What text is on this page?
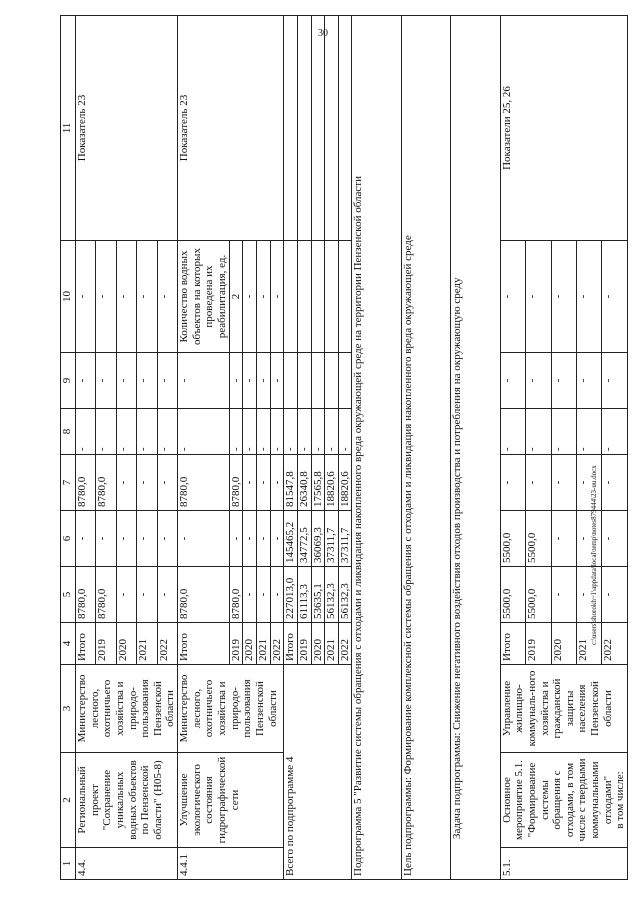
30
1	2	3	4	5	6	7	8	9	10	11
4.4.	Региональный проект "Сохранение уникальных водных объектов по Пензенской области" (Н05-8)	Министерство лесного, охотничьего хозяйства и природо-пользования Пензенской области	Итого	8780,0	-	8780,0	-	-	-	Показатель 23
			2019	8780,0	-	8780,0	-	-	-	
			2020	-	-	-	-	-	-	
			2021	-	-	-	-	-	-	
			2022	-	-	-	-	-	-	
4.4.1	Улучшение экологического состояния гидрографической сети	Министерство лесного, охотничьего хозяйства и природо-пользования Пензенской области	Итого	8780,0	-	8780,0	-	-	Количество водных объектов на которых проведена их реабилитация, ед.	Показатель 23
			2019	8780,0	-	8780,0	-	-	2	
			2020	-	-	-	-	-	-	
			2021	-	-	-	-	-	-	
			2022	-	-	-	-	-	-	
Всего по подпрограмме 4			Итого	227013,0	145465,2	81547,8	-			
			2019	61113,3	34772,5	26340,8	-			
			2020	53635,1	36069,3	17565,8	-			
			2021	56132,3	37311,7	18820,6	-			
			2022	56132,3	37311,7	18820,6	-			
Подпрограмма 5 "Развитие системы обращения с отходами и ликвидация накопленного вреда окружающей среде на территории Пензенской области										
Цель подпрограммы: Формирование комплексной системы обращения с отходами и ликвидация накопленного вреда окружающей среде										
Задача подпрограммы: Снижение негативного воздействия отходов производства и потребления на окружающую среду										
5.1.	Основное мероприятие 5.1. "Формирование системы обращения с отходами, в том числе с твердыми коммунальными отходами" в том числе:	Управление жилищно-коммуналь-ного хозяйства и гражданской защиты населения Пензенской области	Итого	5500,0	5500,0	-	-	-	-	Показатели 25, 26
			2019	5500,0	5500,0	-	-	-	-	
			2020	-	-	-	-	-	-	
			2021	-	-	-	-	-	-	
			2022	-	-	-	-	-	-	
c:\users\shorokh~1\appdata\local\temp\notes879444\23-uu.docx
